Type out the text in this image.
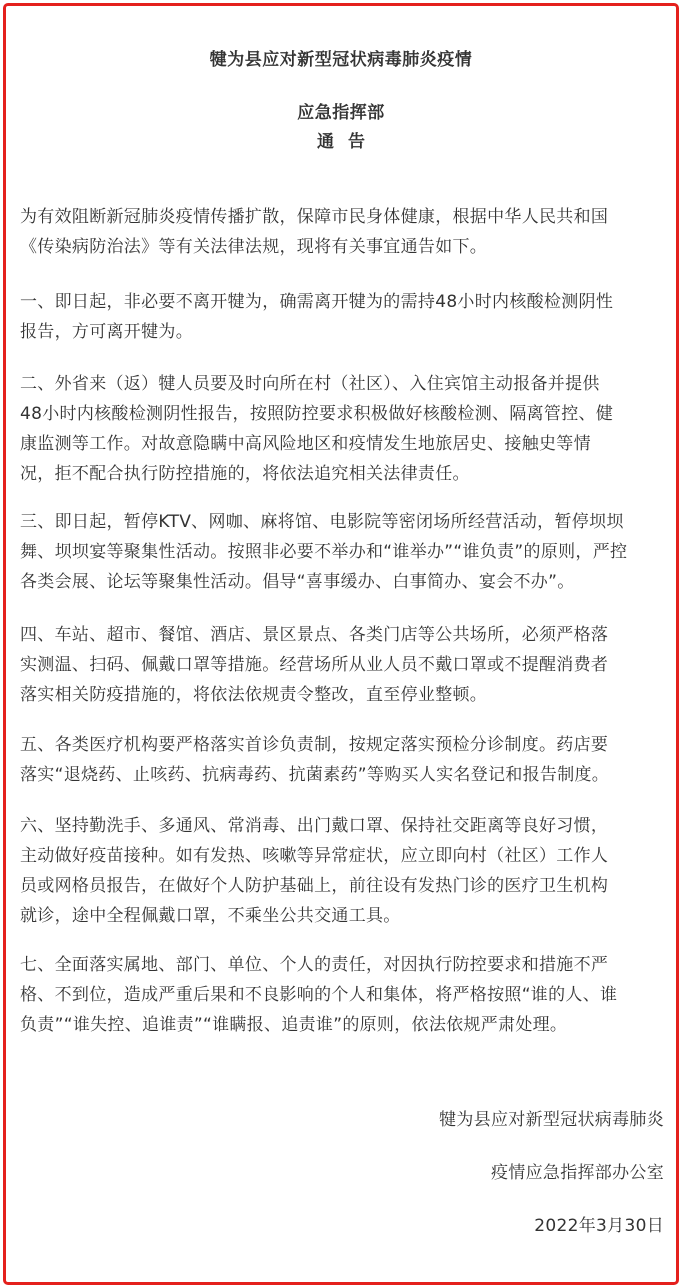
犍为县应对新型冠状病毒肺炎疫情
应急指挥部
通告

为有效阻断新冠肺炎疫情传播扩散，保障市民身体健康，根据中华人民共和国
《传染病防治法》等有关法律法规，现将有关事宜通告如下。

一、即日起，非必要不离开犍为，确需离开犍为的需持48小时内核酸检测阴性
报告，方可离开犍为。

二、外省来（返）犍人员要及时向所在村（社区）、入住宾馆主动报备并提供
48小时内核酸检测阴性报告，按照防控要求积极做好核酸检测、隔离管控、健
康监测等工作。对故意隐瞒中高风险地区和疫情发生地旅居史、接触史等情
况，拒不配合执行防控措施的，将依法追究相关法律责任。

三、即日起，暂停KTV、网咖、麻将馆、电影院等密闭场所经营活动，暂停坝坝
舞、坝坝宴等聚集性活动。按照非必要不举办和“谁举办”“谁负责”的原则，严控
各类会展、论坛等聚集性活动。倡导“喜事缓办、白事简办、宴会不办”。

四、车站、超市、餐馆、酒店、景区景点、各类门店等公共场所，必须严格落
实测温、扫码、佩戴口罩等措施。经营场所从业人员不戴口罩或不提醒消费者
落实相关防疫措施的，将依法依规责令整改，直至停业整顿。

五、各类医疗机构要严格落实首诊负责制，按规定落实预检分诊制度。药店要
落实“退烧药、止咳药、抗病毒药、抗菌素药”等购买人实名登记和报告制度。

六、坚持勤洗手、多通风、常消毒、出门戴口罩、保持社交距离等良好习惯，
主动做好疫苗接种。如有发热、咳嗽等异常症状，应立即向村（社区）工作人
员或网格员报告，在做好个人防护基础上，前往设有发热门诊的医疗卫生机构
就诊，途中全程佩戴口罩，不乘坐公共交通工具。

七、全面落实属地、部门、单位、个人的责任，对因执行防控要求和措施不严
格、不到位，造成严重后果和不良影响的个人和集体，将严格按照“谁的人、谁
负责”“谁失控、追谁责”“谁瞒报、追责谁”的原则，依法依规严肃处理。

犍为县应对新型冠状病毒肺炎
疫情应急指挥部办公室
2022年3月30日
